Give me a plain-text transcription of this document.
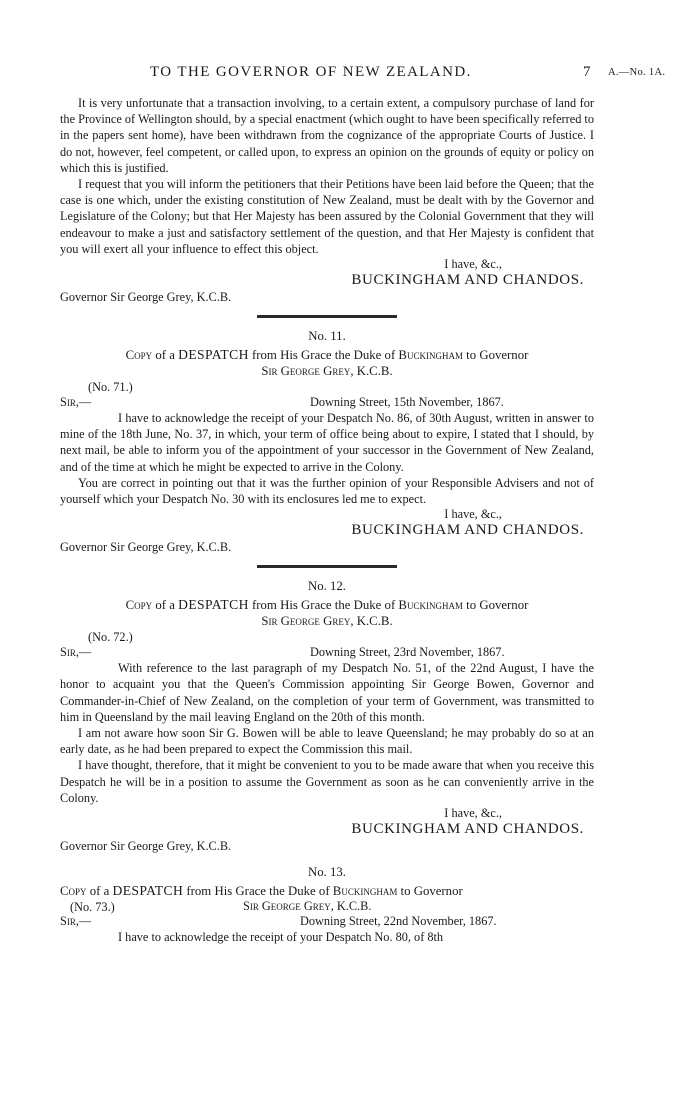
TO THE GOVERNOR OF NEW ZEALAND.	7 A.—No. 1A.

It is very unfortunate that a transaction involving, to a certain extent, a compulsory purchase of land for the Province of Wellington should, by a special enactment (which ought to have been specifically referred to in the papers sent home), have been withdrawn from the cognizance of the appropriate Courts of Justice. I do not, however, feel competent, or called upon, to express an opinion on the grounds of equity or policy on which this is justified.

I request that you will inform the petitioners that their Petitions have been laid before the Queen; that the case is one which, under the existing constitution of New Zealand, must be dealt with by the Governor and Legislature of the Colony; but that Her Majesty has been assured by the Colonial Government that they will endeavour to make a just and satisfactory settlement of the question, and that Her Majesty is confident that you will exert all your influence to effect this object.

I have, &c.,
BUCKINGHAM AND CHANDOS.
Governor Sir George Grey, K.C.B.
No. 11.
Copy of a DESPATCH from His Grace the Duke of Buckingham to Governor
Sir George Grey, K.C.B.
(No. 71.)
Sir,—	Downing Street, 15th November, 1867.

I have to acknowledge the receipt of your Despatch No. 86, of 30th August, written in answer to mine of the 18th June, No. 37, in which, your term of office being about to expire, I stated that I should, by next mail, be able to inform you of the appointment of your successor in the Government of New Zealand, and of the time at which he might be expected to arrive in the Colony.

You are correct in pointing out that it was the further opinion of your Responsible Advisers and not of yourself which your Despatch No. 30 with its enclosures led me to expect.

I have, &c.,
BUCKINGHAM AND CHANDOS.
Governor Sir George Grey, K.C.B.
No. 12.
Copy of a DESPATCH from His Grace the Duke of Buckingham to Governor
Sir George Grey, K.C.B.
(No. 72.)
Sir,—	Downing Street, 23rd November, 1867.

With reference to the last paragraph of my Despatch No. 51, of the 22nd August, I have the honor to acquaint you that the Queen's Commission appointing Sir George Bowen, Governor and Commander-in-Chief of New Zealand, on the completion of your term of Government, was transmitted to him in Queensland by the mail leaving England on the 20th of this month.

I am not aware how soon Sir G. Bowen will be able to leave Queensland; he may probably do so at an early date, as he had been prepared to expect the Commission this mail.

I have thought, therefore, that it might be convenient to you to be made aware that when you receive this Despatch he will be in a position to assume the Government as soon as he can conveniently arrive in the Colony.

I have, &c.,
BUCKINGHAM AND CHANDOS.
Governor Sir George Grey, K.C.B.
No. 13.
Copy of a DESPATCH from His Grace the Duke of Buckingham to Governor
(No. 73.)	Sir George Grey, K.C.B.
Sir,—	Downing Street, 22nd November, 1867.

I have to acknowledge the receipt of your Despatch No. 80, of 8th
